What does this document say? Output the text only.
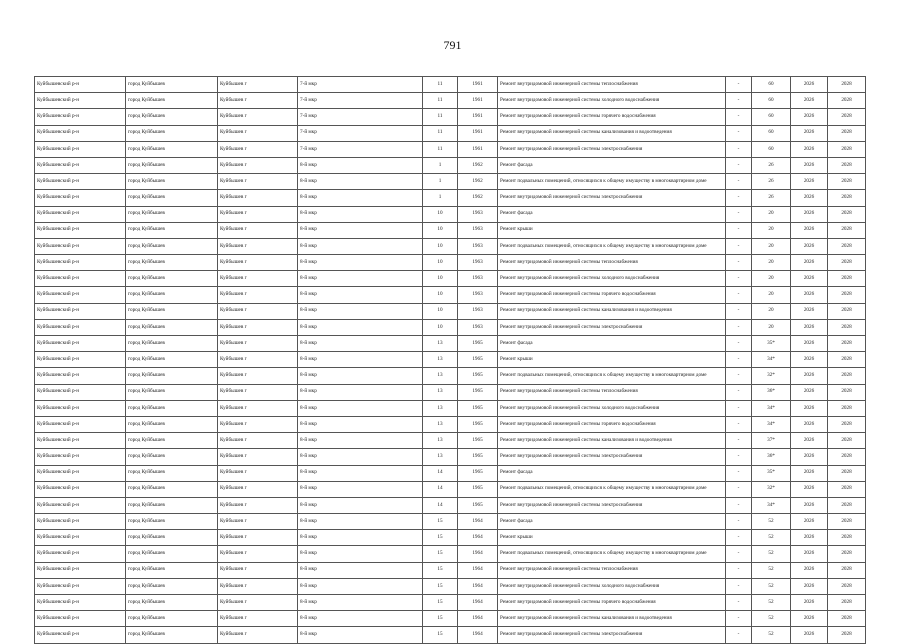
791
Куйбышевский р-н	город Куйбышев	Куйбышев г	7-й мкр	11	1961	Ремонт внутридомовой инженерной системы теплоснабжения	-	60	2026	2028
Куйбышевский р-н	город Куйбышев	Куйбышев г	7-й мкр	11	1961	Ремонт внутридомовой инженерной системы холодного водоснабжения	-	60	2026	2028
Куйбышевский р-н	город Куйбышев	Куйбышев г	7-й мкр	11	1961	Ремонт внутридомовой инженерной системы горячего водоснабжения	-	60	2026	2028
Куйбышевский р-н	город Куйбышев	Куйбышев г	7-й мкр	11	1961	Ремонт внутридомовой инженерной системы канализования и водоотведения	-	60	2026	2028
Куйбышевский р-н	город Куйбышев	Куйбышев г	7-й мкр	11	1961	Ремонт внутридомовой инженерной системы электроснабжения	-	60	2026	2028
Куйбышевский р-н	город Куйбышев	Куйбышев г	8-й мкр	1	1962	Ремонт фасада	-	26	2026	2028
Куйбышевский р-н	город Куйбышев	Куйбышев г	8-й мкр	1	1962	Ремонт подвальных помещений, относящихся к общему имуществу в многоквартирном доме	-	26	2026	2028
Куйбышевский р-н	город Куйбышев	Куйбышев г	8-й мкр	1	1962	Ремонт внутридомовой инженерной системы электроснабжения	-	26	2026	2028
Куйбышевский р-н	город Куйбышев	Куйбышев г	8-й мкр	10	1963	Ремонт фасада	-	20	2026	2028
Куйбышевский р-н	город Куйбышев	Куйбышев г	8-й мкр	10	1963	Ремонт крыши	-	20	2026	2028
Куйбышевский р-н	город Куйбышев	Куйбышев г	8-й мкр	10	1963	Ремонт подвальных помещений, относящихся к общему имуществу в многоквартирном доме	-	20	2026	2028
Куйбышевский р-н	город Куйбышев	Куйбышев г	8-й мкр	10	1963	Ремонт внутридомовой инженерной системы теплоснабжения	-	20	2026	2028
Куйбышевский р-н	город Куйбышев	Куйбышев г	8-й мкр	10	1963	Ремонт внутридомовой инженерной системы холодного водоснабжения	-	20	2026	2028
Куйбышевский р-н	город Куйбышев	Куйбышев г	8-й мкр	10	1963	Ремонт внутридомовой инженерной системы горячего водоснабжения	-	20	2026	2028
Куйбышевский р-н	город Куйбышев	Куйбышев г	8-й мкр	10	1963	Ремонт внутридомовой инженерной системы канализования и водоотведения	-	20	2026	2028
Куйбышевский р-н	город Куйбышев	Куйбышев г	8-й мкр	10	1963	Ремонт внутридомовой инженерной системы электроснабжения	-	20	2026	2028
Куйбышевский р-н	город Куйбышев	Куйбышев г	8-й мкр	13	1965	Ремонт фасада	-	35*	2026	2028
Куйбышевский р-н	город Куйбышев	Куйбышев г	8-й мкр	13	1965	Ремонт крыши	-	34*	2026	2028
Куйбышевский р-н	город Куйбышев	Куйбышев г	8-й мкр	13	1965	Ремонт подвальных помещений, относящихся к общему имуществу в многоквартирном доме	-	32*	2026	2028
Куйбышевский р-н	город Куйбышев	Куйбышев г	8-й мкр	13	1965	Ремонт внутридомовой инженерной системы теплоснабжения	-	36*	2026	2028
Куйбышевский р-н	город Куйбышев	Куйбышев г	8-й мкр	13	1965	Ремонт внутридомовой инженерной системы холодного водоснабжения	-	34*	2026	2028
Куйбышевский р-н	город Куйбышев	Куйбышев г	8-й мкр	13	1965	Ремонт внутридомовой инженерной системы горячего водоснабжения	-	34*	2026	2028
Куйбышевский р-н	город Куйбышев	Куйбышев г	8-й мкр	13	1965	Ремонт внутридомовой инженерной системы канализования и водоотведения	-	37*	2026	2028
Куйбышевский р-н	город Куйбышев	Куйбышев г	8-й мкр	13	1965	Ремонт внутридомовой инженерной системы электроснабжения	-	36*	2026	2028
Куйбышевский р-н	город Куйбышев	Куйбышев г	8-й мкр	14	1965	Ремонт фасада	-	35*	2026	2028
Куйбышевский р-н	город Куйбышев	Куйбышев г	8-й мкр	14	1965	Ремонт подвальных помещений, относящихся к общему имуществу в многоквартирном доме	-	32*	2026	2028
Куйбышевский р-н	город Куйбышев	Куйбышев г	8-й мкр	14	1965	Ремонт внутридомовой инженерной системы электроснабжения	-	34*	2026	2028
Куйбышевский р-н	город Куйбышев	Куйбышев г	8-й мкр	15	1964	Ремонт фасада	-	52	2026	2028
Куйбышевский р-н	город Куйбышев	Куйбышев г	8-й мкр	15	1964	Ремонт крыши	-	52	2026	2028
Куйбышевский р-н	город Куйбышев	Куйбышев г	8-й мкр	15	1964	Ремонт подвальных помещений, относящихся к общему имуществу в многоквартирном доме	-	52	2026	2028
Куйбышевский р-н	город Куйбышев	Куйбышев г	8-й мкр	15	1964	Ремонт внутридомовой инженерной системы теплоснабжения	-	52	2026	2028
Куйбышевский р-н	город Куйбышев	Куйбышев г	8-й мкр	15	1964	Ремонт внутридомовой инженерной системы холодного водоснабжения	-	52	2026	2028
Куйбышевский р-н	город Куйбышев	Куйбышев г	8-й мкр	15	1964	Ремонт внутридомовой инженерной системы горячего водоснабжения	-	52	2026	2028
Куйбышевский р-н	город Куйбышев	Куйбышев г	8-й мкр	15	1964	Ремонт внутридомовой инженерной системы канализования и водоотведения	-	52	2026	2028
Куйбышевский р-н	город Куйбышев	Куйбышев г	8-й мкр	15	1964	Ремонт внутридомовой инженерной системы электроснабжения	-	52	2026	2028
